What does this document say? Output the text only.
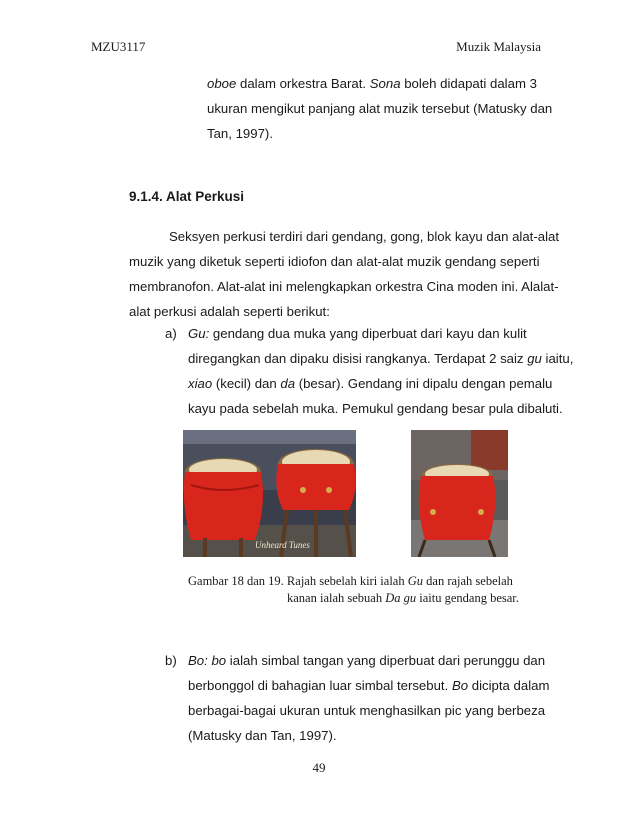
MZU3117	Muzik Malaysia
oboe dalam orkestra Barat. Sona boleh didapati dalam 3
ukuran mengikut panjang alat muzik tersebut (Matusky dan
Tan, 1997).
9.1.4. Alat Perkusi
Seksyen perkusi terdiri dari gendang, gong, blok kayu dan alat-alat
muzik yang diketuk seperti idiofon dan alat-alat muzik gendang seperti
membranofon. Alat-alat ini melengkapkan orkestra Cina moden ini. Alalat-
alat perkusi adalah seperti berikut:
a) Gu: gendang dua muka yang diperbuat dari kayu dan kulit
diregangkan dan dipaku disisi rangkanya. Terdapat 2 saiz gu iaitu,
xiao (kecil) dan da (besar). Gendang ini dipalu dengan pemalu
kayu pada sebelah muka. Pemukul gendang besar pula dibaluti.
Unheard Tunes
Gambar 18 dan 19. Rajah sebelah kiri ialah Gu dan rajah sebelah
kanan ialah sebuah Da gu iaitu gendang besar.
b) Bo: bo ialah simbal tangan yang diperbuat dari perunggu dan
berbonggol di bahagian luar simbal tersebut. Bo dicipta dalam
berbagai-bagai ukuran untuk menghasilkan pic yang berbeza
(Matusky dan Tan, 1997).
49
